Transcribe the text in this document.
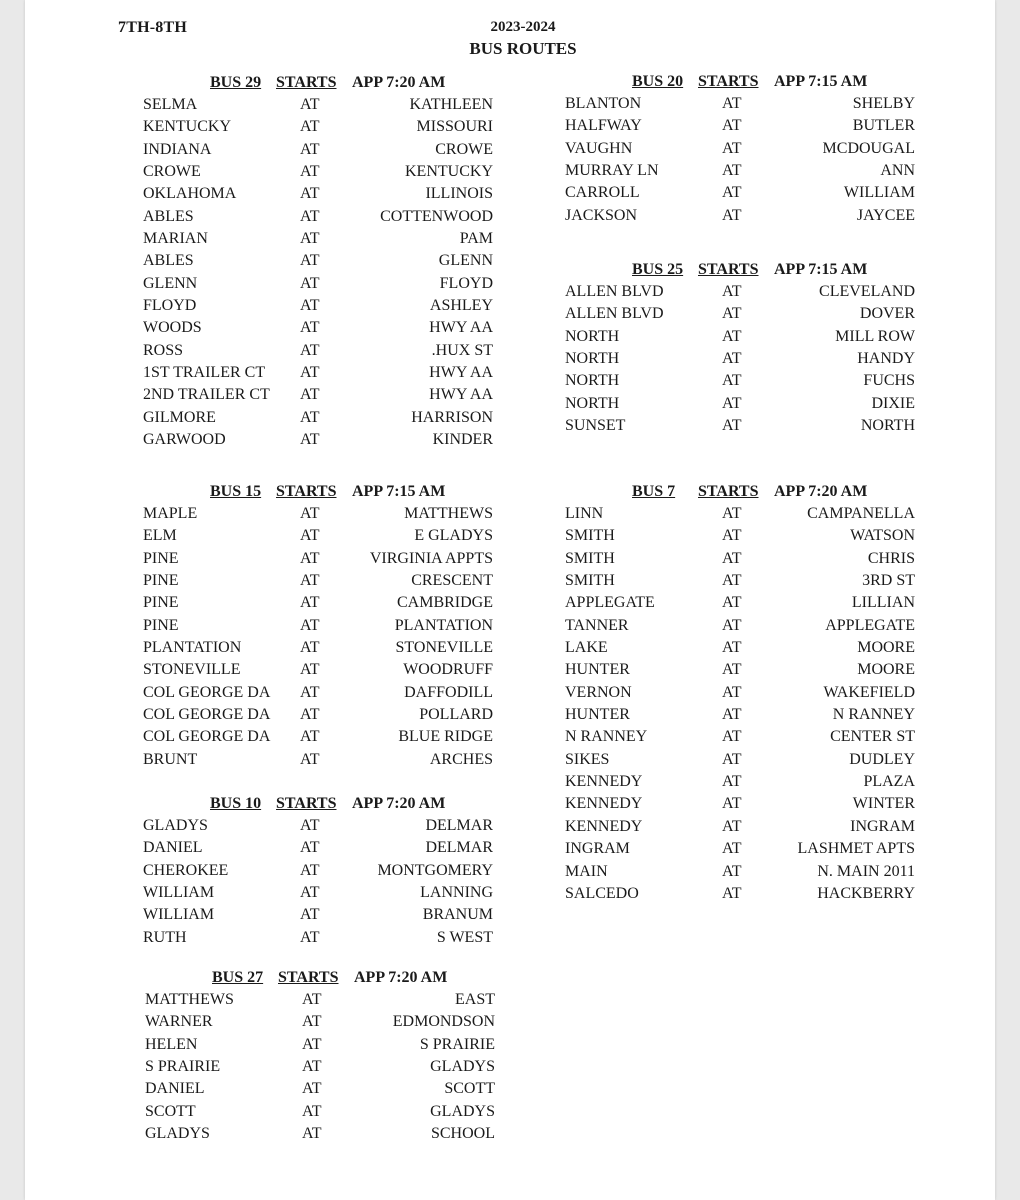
7TH-8TH	2023-2024
BUS ROUTES
BUS 29 STARTS APP 7:20 AM
SELMA	AT	KATHLEEN
KENTUCKY	AT	MISSOURI
INDIANA	AT	CROWE
CROWE	AT	KENTUCKY
OKLAHOMA	AT	ILLINOIS
ABLES	AT	COTTENWOOD
MARIAN	AT	PAM
ABLES	AT	GLENN
GLENN	AT	FLOYD
FLOYD	AT	ASHLEY
WOODS	AT	HWY AA
ROSS	AT	HUX ST.
1ST TRAILER CT	AT	HWY AA
2ND TRAILER CT AT	HWY AA
GILMORE	AT	HARRISON
GARWOOD	AT	KINDER
BUS 20 STARTS APP 7:15 AM
BLANTON	AT	SHELBY
HALFWAY	AT	BUTLER
VAUGHN	AT	MCDOUGAL
MURRAY LN	AT	ANN
CARROLL	AT	WILLIAM
JACKSON	AT	JAYCEE
BUS 25 STARTS APP 7:15 AM
ALLEN BLVD	AT	CLEVELAND
ALLEN BLVD	AT	DOVER
NORTH	AT	MILL ROW
NORTH	AT	HANDY
NORTH	AT	FUCHS
NORTH	AT	DIXIE
SUNSET	AT	NORTH
BUS 15 STARTS APP 7:15 AM
MAPLE	AT	MATTHEWS
ELM	AT	E GLADYS
PINE	AT	VIRGINIA APPTS
PINE	AT	CRESCENT
PINE	AT	CAMBRIDGE
PINE	AT	PLANTATION
PLANTATION	AT	STONEVILLE
STONEVILLE	AT	WOODRUFF
COL GEORGE DA AT	DAFFODILL
COL GEORGE DA AT	POLLARD
COL GEORGE DA AT	BLUE RIDGE
BRUNT	AT	ARCHES
BUS 7 STARTS APP 7:20 AM
LINN	AT	CAMPANELLA
SMITH	AT	WATSON
SMITH	AT	CHRIS
SMITH	AT	3RD ST
APPLEGATE	AT	LILLIAN
TANNER	AT	APPLEGATE
LAKE	AT	MOORE
HUNTER	AT	MOORE
VERNON	AT	WAKEFIELD
HUNTER	AT	N RANNEY
N RANNEY	AT	CENTER ST
SIKES	AT	DUDLEY
KENNEDY	AT	PLAZA
KENNEDY	AT	WINTER
KENNEDY	AT	INGRAM
INGRAM	AT	LASHMET APTS
MAIN	AT	2011 N. MAIN
SALCEDO	AT	HACKBERRY
BUS 10 STARTS APP 7:20 AM
GLADYS	AT	DELMAR
DANIEL	AT	DELMAR
CHEROKEE	AT	MONTGOMERY
WILLIAM	AT	LANNING
WILLIAM	AT	BRANUM
RUTH	AT	S WEST
BUS 27 STARTS APP 7:20 AM
MATTHEWS	AT	EAST
WARNER	AT	EDMONDSON
HELEN	AT	S PRAIRIE
S PRAIRIE	AT	GLADYS
DANIEL	AT	SCOTT
SCOTT	AT	GLADYS
GLADYS	AT	SCHOOL
